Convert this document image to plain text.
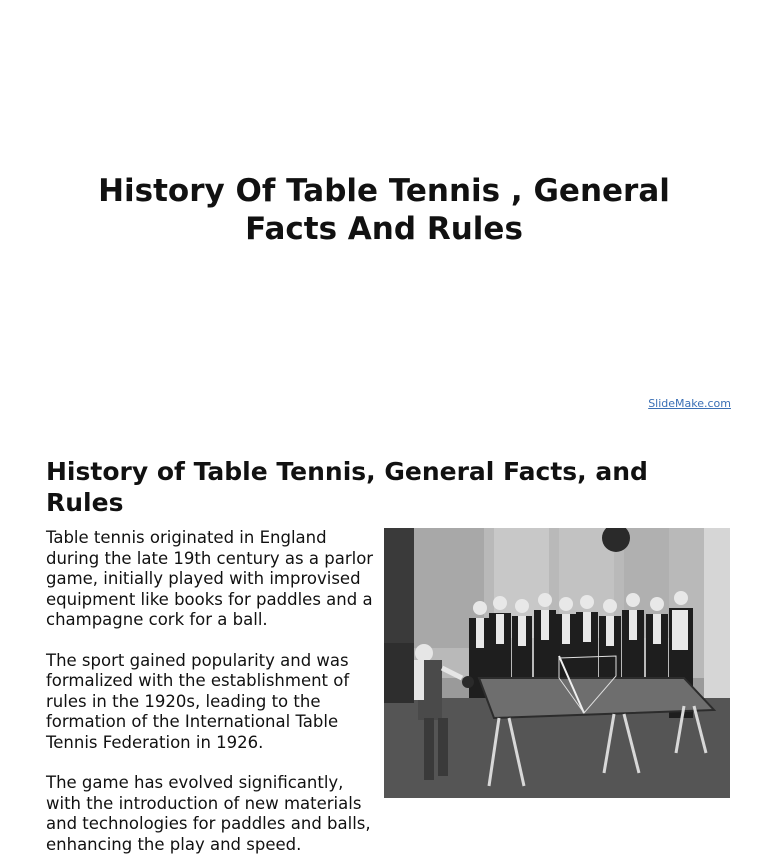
History Of Table Tennis , General Facts And Rules
SlideMake.com
History of Table Tennis, General Facts, and Rules

Table tennis originated in England during the late 19th century as a parlor game, initially played with improvised equipment like books for paddles and a champagne cork for a ball.

The sport gained popularity and was formalized with the establishment of rules in the 1920s, leading to the formation of the International Table Tennis Federation in 1926.

The game has evolved significantly, with the introduction of new materials and technologies for paddles and balls, enhancing the play and speed.
